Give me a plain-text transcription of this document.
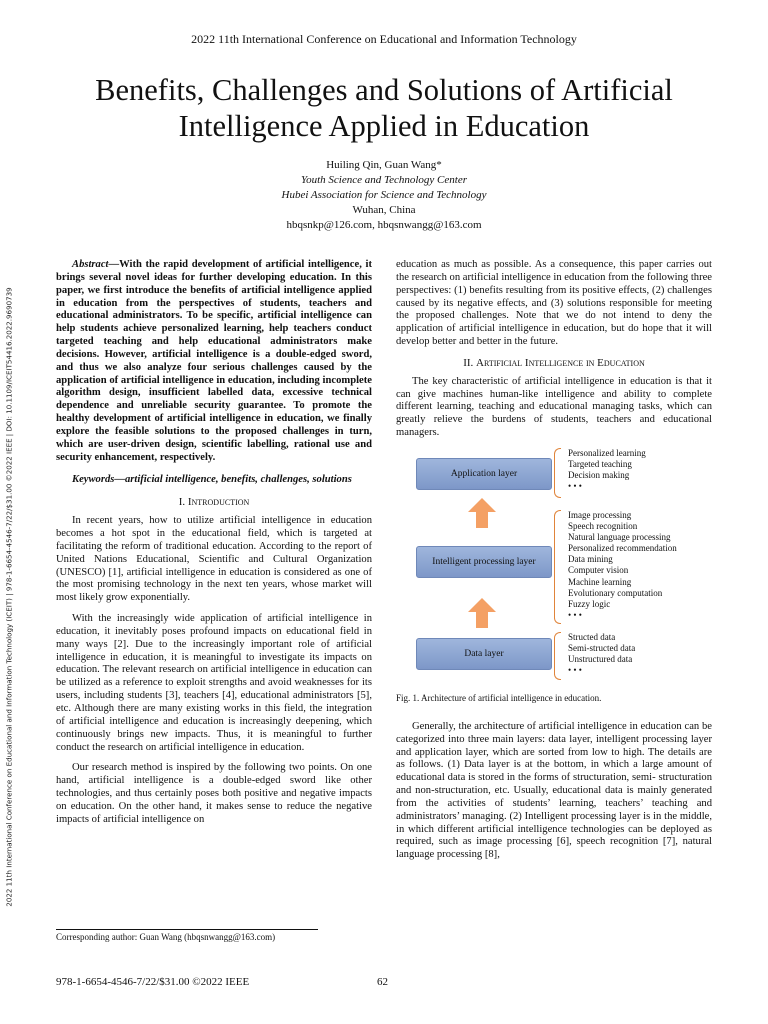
2022 11th International Conference on Educational and Information Technology
Benefits, Challenges and Solutions of Artificial
Intelligence Applied in Education
Huiling Qin, Guan Wang*
Youth Science and Technology Center
Hubei Association for Science and Technology
Wuhan, China
hbqsnkp@126.com, hbqsnwangg@163.com
2022 11th International Conference on Educational and Information Technology (ICEIT) | 978-1-6654-4546-7/22/$31.00 ©2022 IEEE | DOI: 10.1109/ICEIT54416.2022.9690739
Abstract—With the rapid development of artificial intelligence, it brings several novel ideas for further developing education. In this paper, we first introduce the benefits of artificial intelligence applied in education from the perspectives of students, teachers and educational administrators. To be specific, artificial intelligence can help students achieve personalized learning, help teachers conduct targeted teaching and help educational administrators make decisions. However, artificial intelligence is a double-edged sword, and thus we also analyze four serious challenges caused by the application of artificial intelligence in education, including incomplete algorithm design, insufficient labelled data, excessive technical dependence and unreliable security guarantee. To promote the healthy development of artificial intelligence in education, we finally explore the feasible solutions to the proposed challenges in turn, which are user-driven design, scientific labelling, rational use and security enhancement, respectively.
Keywords—artificial intelligence, benefits, challenges, solutions
I. Introduction

In recent years, how to utilize artificial intelligence in education becomes a hot spot in the educational field, which is targeted at facilitating the reform of traditional education. According to the report of United Nations Educational, Scientific and Cultural Organization (UNESCO) [1], artificial intelligence in education is considered as one of the most promising technology in the next ten years, whose market will most likely grow exponentially.

With the increasingly wide application of artificial intelligence in education, it inevitably poses profound impacts on educational field in many ways [2]. Due to the increasingly important role of artificial intelligence in education, it is meaningful to investigate its impacts on education. The relevant research on artificial intelligence in education can be utilized as a reference to exploit strengths and avoid weaknesses for its users, including students [3], teachers [4], educational administrators [5], etc. Although there are many existing works in this field, the integration of artificial intelligence and education is increasingly deepening, which continuously brings new impacts. Thus, it is meaningful to further conduct the research on artificial intelligence in education.

Our research method is inspired by the following two points. On one hand, artificial intelligence is a double-edged sword like other technologies, and thus certainly poses both positive and negative impacts on education. On the other hand, it makes sense to reduce the negative impacts of artificial intelligence on

education as much as possible. As a consequence, this paper carries out the research on artificial intelligence in education from the following three perspectives: (1) benefits resulting from its positive effects, (2) challenges caused by its negative effects, and (3) solutions responsible for meeting the proposed challenges. Note that we do not intend to deny the application of artificial intelligence in education, but do hope that it will develop better and better in the future.

II. Artificial Intelligence in Education

The key characteristic of artificial intelligence in education is that it can give machines human-like intelligence and ability to complete different learning, teaching and educational managing tasks, which can greatly relieve the burdens of students, teachers and educational managers.

Application layer
Personalized learning
Targeted teaching
Decision making
• • •
Intelligent processing layer
Image processing
Speech recognition
Natural language processing
Personalized recommendation
Data mining
Computer vision
Machine learning
Evolutionary computation
Fuzzy logic
• • •
Data layer
Structed data
Semi-structed data
Unstructured data
• • •
Fig. 1. Architecture of artificial intelligence in education.

Generally, the architecture of artificial intelligence in education can be categorized into three main layers: data layer, intelligent processing layer and application layer, which are sorted from low to high. The details are as follows. (1) Data layer is at the bottom, in which a large amount of educational data is stored in the forms of structuration, semi- structuration and non-structuration, etc. Usually, educational data is mainly generated from the activities of students’ learning, teachers’ teaching and administrators’ managing. (2) Intelligent processing layer is in the middle, in which different artificial intelligence technologies can be deployed as required, such as image processing [6], speech recognition [7], natural language processing [8],

Corresponding author: Guan Wang (hbqsnwangg@163.com)
978-1-6654-4546-7/22/$31.00 ©2022 IEEE	62
